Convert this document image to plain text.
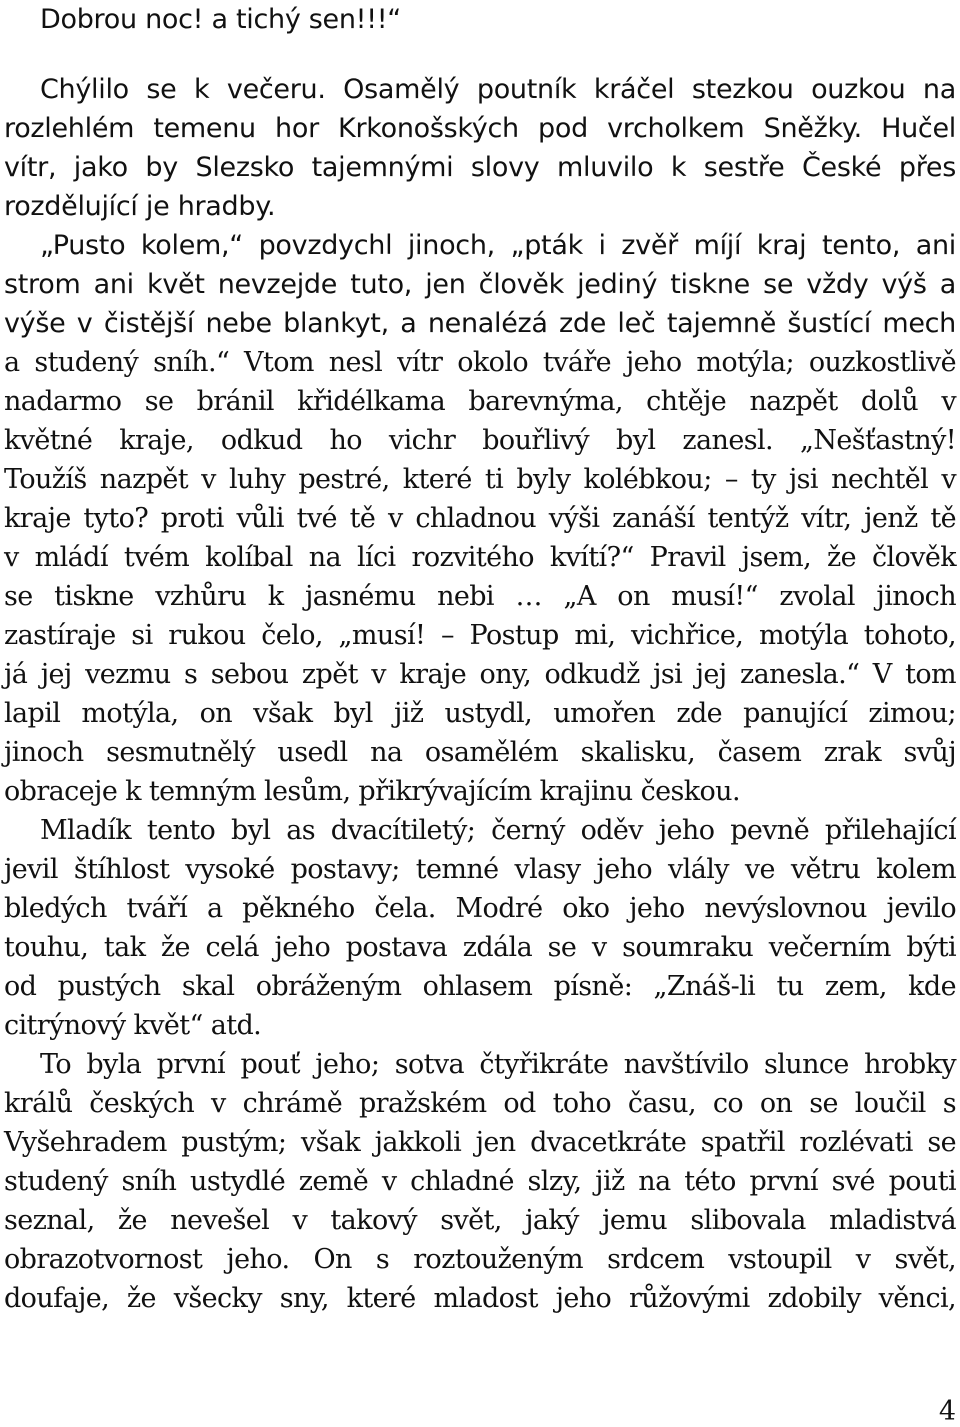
Dobrou noc! a tichý sen!!!“
Chýlilo se k večeru. Osamělý poutník kráčel stezkou ouzkou na
rozlehlém temenu hor Krkonošských pod vrcholkem Sněžky. Hučel
vítr, jako by Slezsko tajemnými slovy mluvilo k sestře České přes
rozdělující je hradby.
„Pusto kolem,“ povzdychl jinoch, „pták i zvěř míjí kraj tento, ani
strom ani květ nevzejde tuto, jen člověk jediný tiskne se vždy výš a
výše v čistější nebe blankyt, a nenalézá zde leč tajemně šustící mech
a studený sníh.“ Vtom nesl vítr okolo tváře jeho motýla; ouzkostlivě
nadarmo se bránil křidélkama barevnýma, chtěje nazpět dolů v
květné kraje, odkud ho vichr bouřlivý byl zanesl. „Nešťastný!
Toužíš nazpět v luhy pestré, které ti byly kolébkou; – ty jsi nechtěl v
kraje tyto? proti vůli tvé tě v chladnou výši zanáší tentýž vítr, jenž tě
v mládí tvém kolíbal na líci rozvitého kvítí?“ Pravil jsem, že člověk
se tiskne vzhůru k jasnému nebi … „A on musí!“ zvolal jinoch
zastíraje si rukou čelo, „musí! – Postup mi, vichřice, motýla tohoto,
já jej vezmu s sebou zpět v kraje ony, odkudž jsi jej zanesla.“ V tom
lapil motýla, on však byl již ustydl, umořen zde panující zimou;
jinoch sesmutnělý usedl na osamělém skalisku, časem zrak svůj
obraceje k temným lesům, přikrývajícím krajinu českou.
Mladík tento byl as dvacítiletý; černý oděv jeho pevně přilehající
jevil štíhlost vysoké postavy; temné vlasy jeho vlály ve větru kolem
bledých tváří a pěkného čela. Modré oko jeho nevýslovnou jevilo
touhu, tak že celá jeho postava zdála se v soumraku večerním býti
od pustých skal obráženým ohlasem písně: „Znáš-li tu zem, kde
citrýnový květ“ atd.
To byla první pouť jeho; sotva čtyřikráte navštívilo slunce hrobky
králů českých v chrámě pražském od toho času, co on se loučil s
Vyšehradem pustým; však jakkoli jen dvacetkráte spatřil rozlévati se
studený sníh ustydlé země v chladné slzy, již na této první své pouti
seznal, že nevešel v takový svět, jaký jemu slibovala mladistvá
obrazotvornost jeho. On s roztouženým srdcem vstoupil v svět,
doufaje, že všecky sny, které mladost jeho růžovými zdobily věnci,
4
